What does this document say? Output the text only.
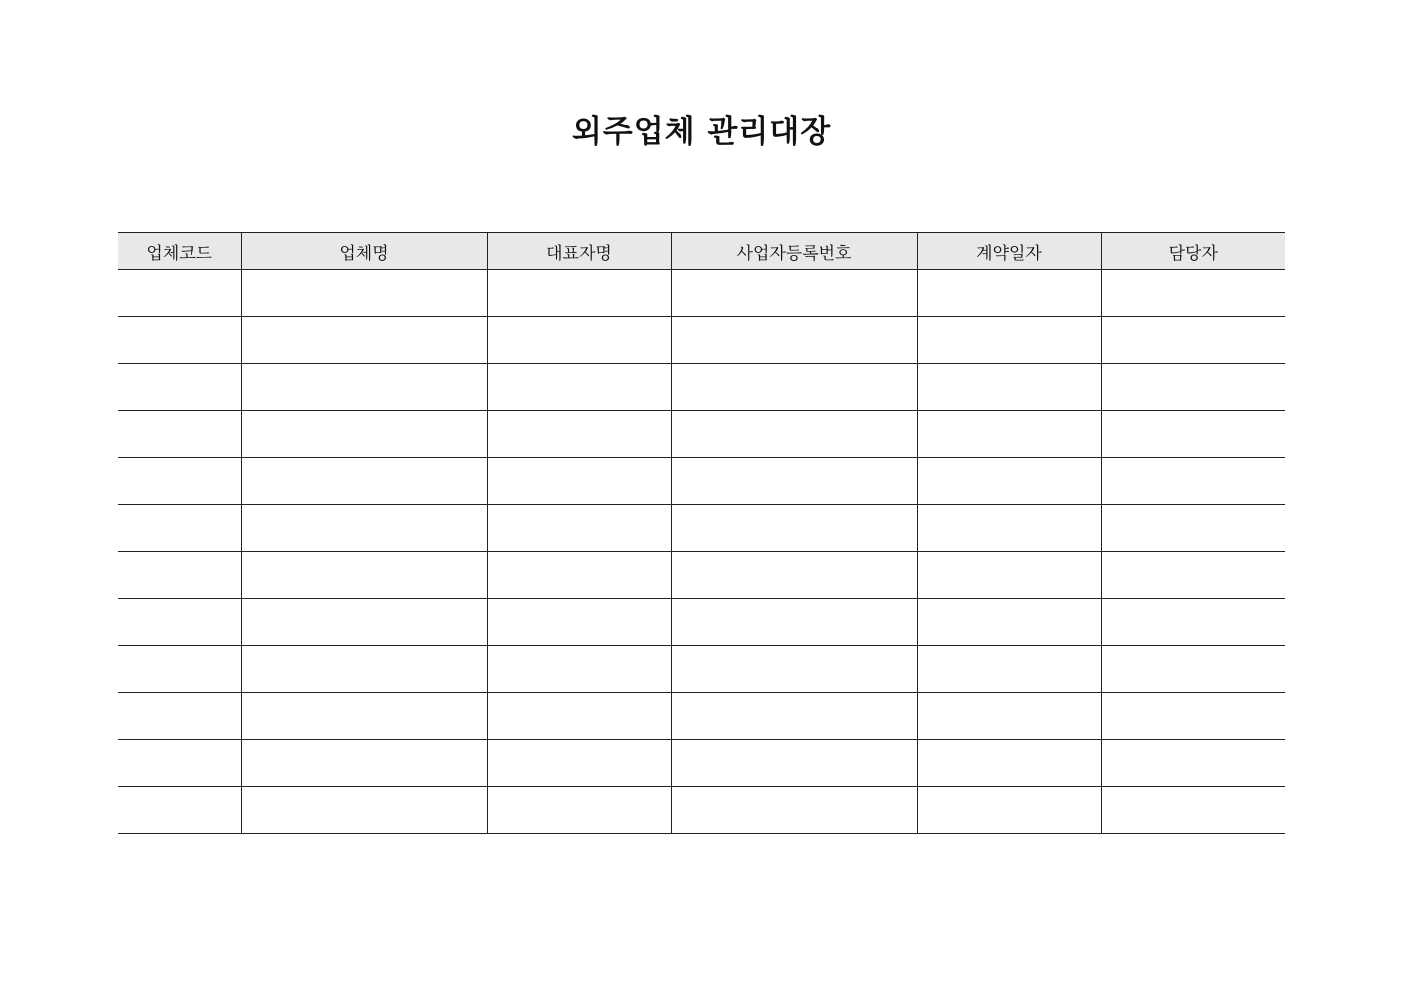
외주업체 관리대장
업체코드	업체명	대표자명	사업자등록번호	계약일자	담당자
